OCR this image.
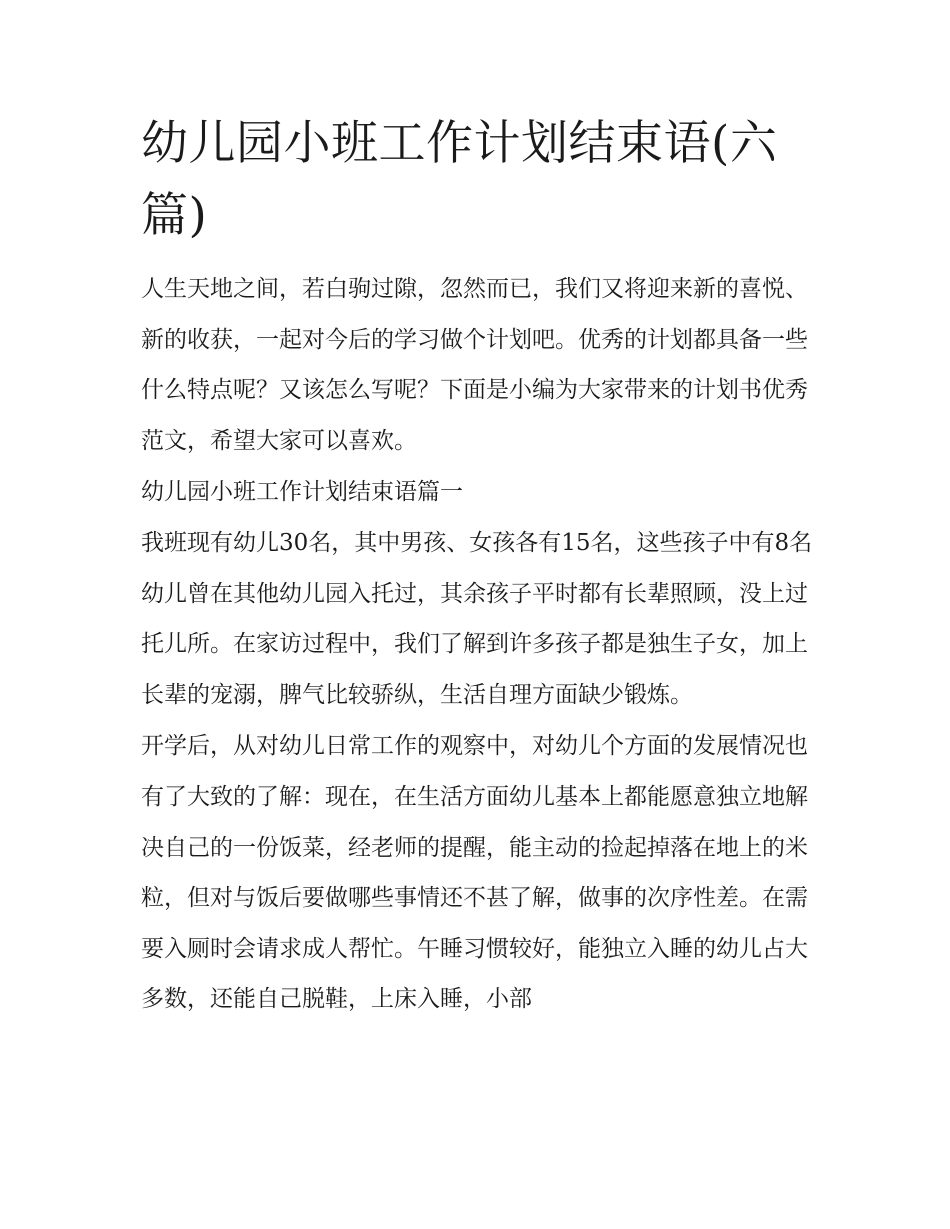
幼儿园小班工作计划结束语(六篇)

人生天地之间，若白驹过隙，忽然而已，我们又将迎来新的喜悦、新的收获，一起对今后的学习做个计划吧。优秀的计划都具备一些什么特点呢？又该怎么写呢？下面是小编为大家带来的计划书优秀范文，希望大家可以喜欢。

幼儿园小班工作计划结束语篇一

我班现有幼儿30名，其中男孩、女孩各有15名，这些孩子中有8名幼儿曾在其他幼儿园入托过，其余孩子平时都有长辈照顾，没上过托儿所。在家访过程中，我们了解到许多孩子都是独生子女，加上长辈的宠溺，脾气比较骄纵，生活自理方面缺少锻炼。

开学后，从对幼儿日常工作的观察中，对幼儿个方面的发展情况也有了大致的了解：现在，在生活方面幼儿基本上都能愿意独立地解决自己的一份饭菜，经老师的提醒，能主动的捡起掉落在地上的米粒，但对与饭后要做哪些事情还不甚了解，做事的次序性差。在需要入厕时会请求成人帮忙。午睡习惯较好，能独立入睡的幼儿占大多数，还能自己脱鞋，上床入睡，小部
